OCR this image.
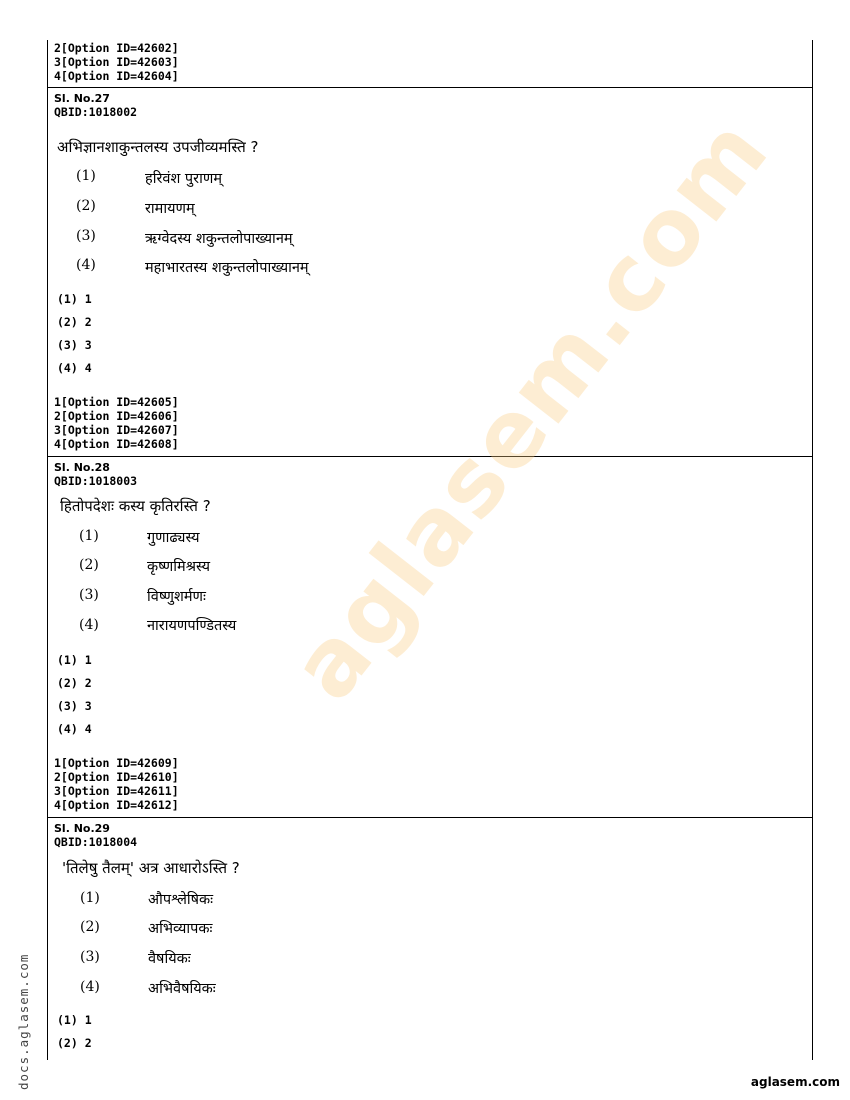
2[Option ID=42602]
3[Option ID=42603]
4[Option ID=42604]
Sl. No.27
QBID:1018002
अभिज्ञानशाकुन्तलस्य उपजीव्यमस्ति ?
(1)	हरिवंश पुराणम्
(2)	रामायणम्
(3)	ऋग्वेदस्य शकुन्तलोपाख्यानम्
(4)	महाभारतस्य शकुन्तलोपाख्यानम्
(1) 1
(2) 2
(3) 3
(4) 4
1[Option ID=42605]
2[Option ID=42606]
3[Option ID=42607]
4[Option ID=42608]
Sl. No.28
QBID:1018003
हितोपदेशः कस्य कृतिरस्ति ?
(1)	गुणाढ्यस्य
(2)	कृष्णमिश्रस्य
(3)	विष्णुशर्मणः
(4)	नारायणपण्डितस्य
(1) 1
(2) 2
(3) 3
(4) 4
1[Option ID=42609]
2[Option ID=42610]
3[Option ID=42611]
4[Option ID=42612]
Sl. No.29
QBID:1018004
'तिलेषु तैलम्' अत्र आधारोऽस्ति ?
(1)	औपश्लेषिकः
(2)	अभिव्यापकः
(3)	वैषयिकः
(4)	अभिवैषयिकः
(1) 1
(2) 2
aglasem.com
docs.aglasem.com	aglasem.com
